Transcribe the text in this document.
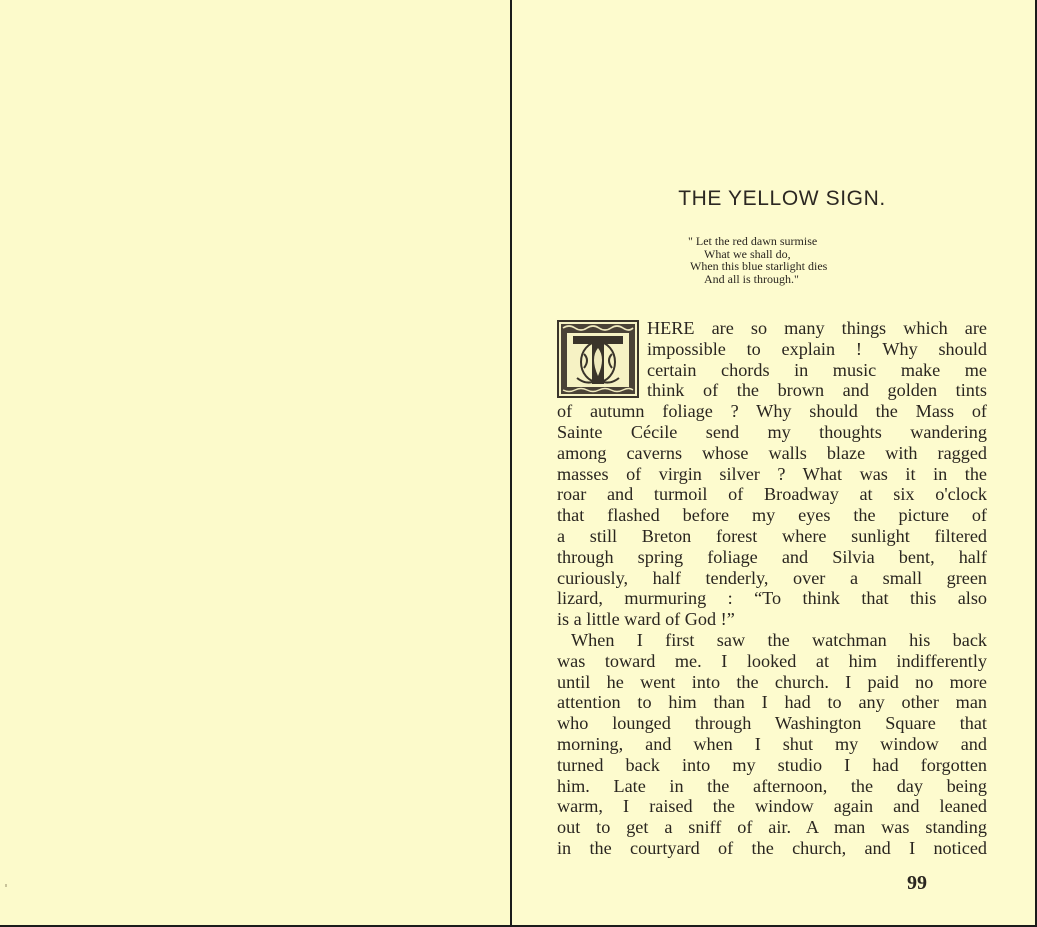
THE YELLOW SIGN.
" Let the red dawn surmise
What we shall do,
When this blue starlight dies
And all is through."
HERE are so many things which are
impossible to explain ! Why should
certain chords in music make me
think of the brown and golden tints
of autumn foliage ? Why should the Mass of
Sainte Cécile send my thoughts wandering
among caverns whose walls blaze with ragged
masses of virgin silver ? What was it in the
roar and turmoil of Broadway at six o'clock
that flashed before my eyes the picture of
a still Breton forest where sunlight filtered
through spring foliage and Silvia bent, half
curiously, half tenderly, over a small green
lizard, murmuring : “To think that this also
is a little ward of God !”
When I first saw the watchman his back
was toward me. I looked at him indifferently
until he went into the church. I paid no more
attention to him than I had to any other man
who lounged through Washington Square that
morning, and when I shut my window and
turned back into my studio I had forgotten
him. Late in the afternoon, the day being
warm, I raised the window again and leaned
out to get a sniff of air. A man was standing
in the courtyard of the church, and I noticed
99
